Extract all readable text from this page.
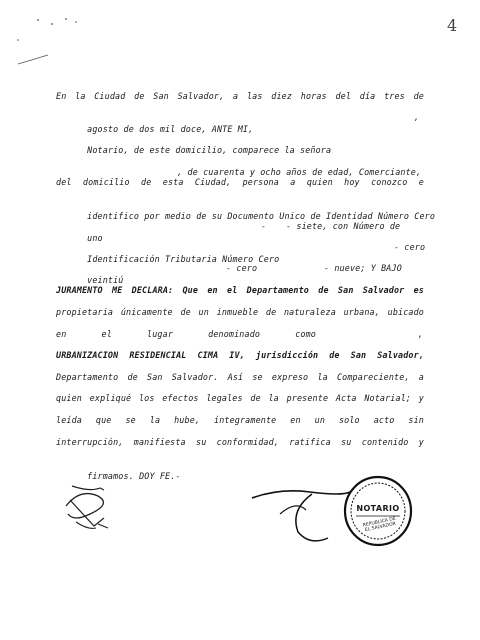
4
En la Ciudad de San Salvador, a las diez horas del día tres de

agosto de dos mil doce, ANTE MI,

,

Notario, de este domicilio, comparece la señora

, de cuarenta y ocho años de edad, Comerciante,

del domicilio de esta Ciudad, persona a quien hoy conozco e

identifico por medio de su Documento Unico de Identidad Número Cero

uno

-

- siete, con Número de

Identificación Tributaria Número Cero

- cero

veintiú

- cero

	- nueve; Y BAJO

JURAMENTO ME DECLARA: Que en el Departamento de San Salvador es
propietaria únicamente de un inmueble de naturaleza urbana, ubicado
en el lugar denominado como	,
URBANIZACION RESIDENCIAL CIMA IV, jurisdicción de San Salvador,
Departamento de San Salvador. Así se expreso la Compareciente, a
quien expliqué los efectos legales de la presente Acta Notarial; y
leída que se la hube, íntegramente en un solo acto sin
interrupción, manifiesta su conformidad, ratifica su contenido y

firmamos. DOY FE.-

NOTARIO
REPUBLICA DE EL SALVADOR
